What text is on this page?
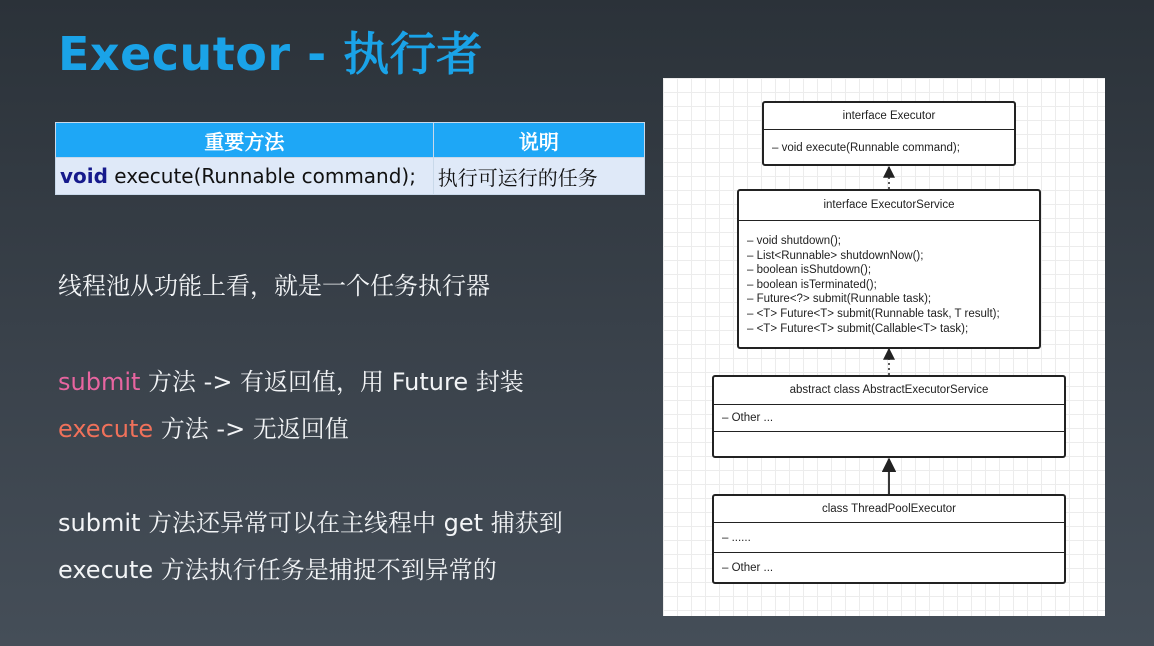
Executor - 执行者
重要方法	说明
void execute(Runnable command);	执行可运行的任务
线程池从功能上看，就是一个任务执行器
submit 方法 -> 有返回值，用 Future 封装
execute 方法 -> 无返回值
submit 方法还异常可以在主线程中 get 捕获到
execute 方法执行任务是捕捉不到异常的
interface Executor
– void execute(Runnable command);
interface ExecutorService
– void shutdown();
– List<Runnable> shutdownNow();
– boolean isShutdown();
– boolean isTerminated();
– Future<?> submit(Runnable task);
– <T> Future<T> submit(Runnable task, T result);
– <T> Future<T> submit(Callable<T> task);
abstract class AbstractExecutorService
– Other ...
class ThreadPoolExecutor
– ......
– Other ...
